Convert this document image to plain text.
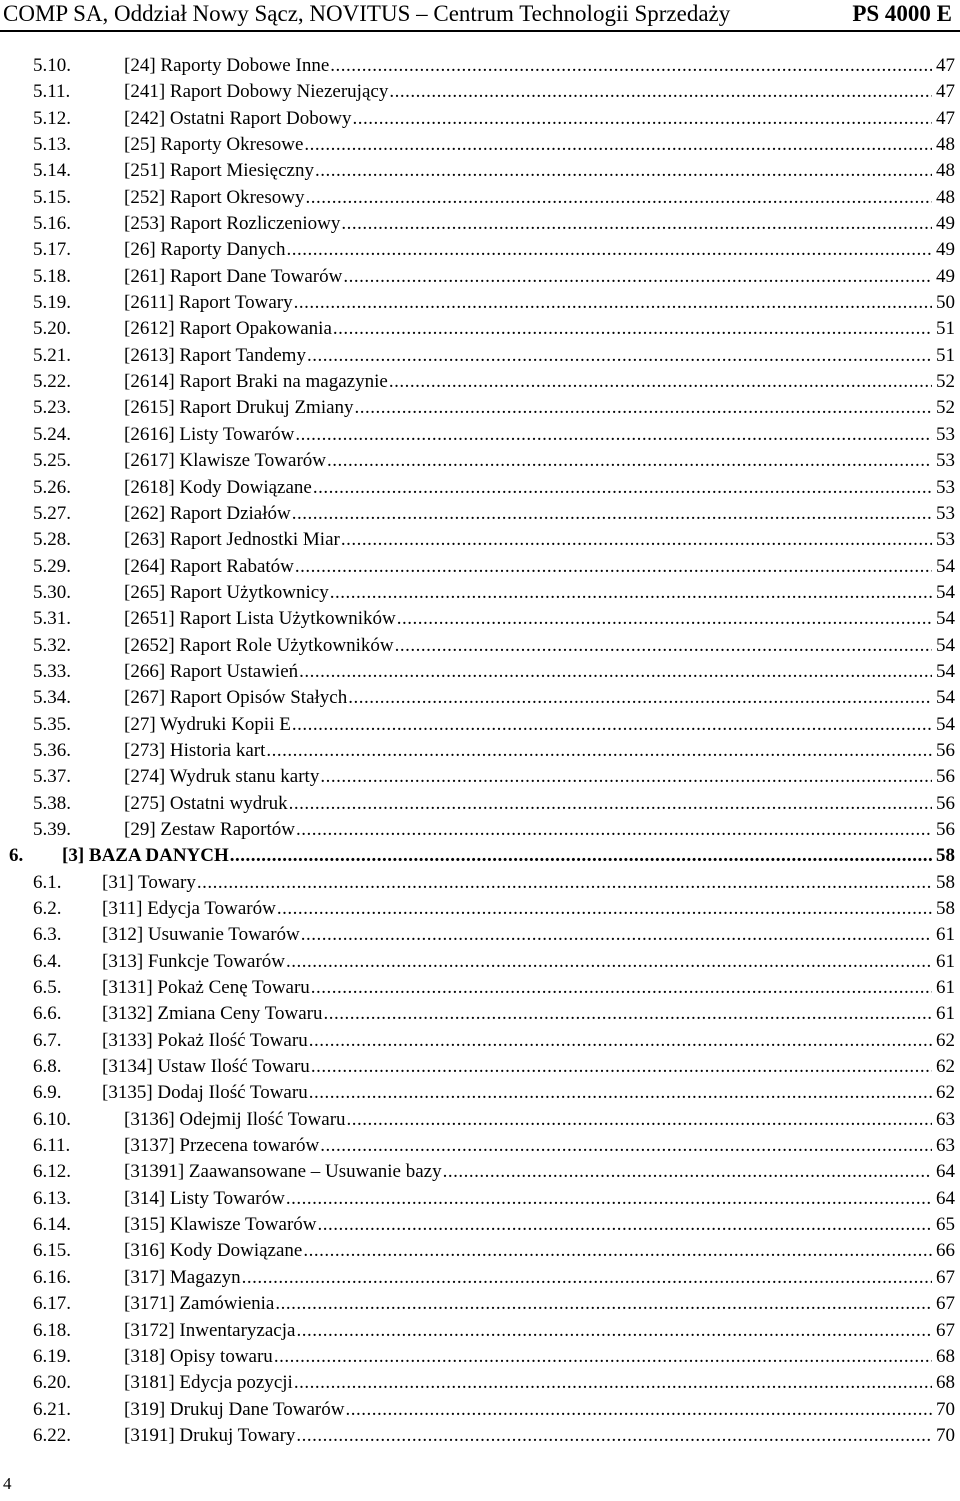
COMP SA, Oddział Nowy Sącz, NOVITUS – Centrum Technologii Sprzedaży	PS 4000 E
5.10.	[24] Raporty Dobowe Inne .....	47
5.11.	[241] Raport Dobowy Niezerujący .....	47
5.12.	[242] Ostatni Raport Dobowy .....	47
5.13.	[25] Raporty Okresowe .....	48
5.14.	[251] Raport Miesięczny .....	48
5.15.	[252] Raport Okresowy .....	48
5.16.	[253] Raport Rozliczeniowy .....	49
5.17.	[26] Raporty Danych .....	49
5.18.	[261] Raport Dane Towarów .....	49
5.19.	[2611] Raport Towary .....	50
5.20.	[2612] Raport Opakowania .....	51
5.21.	[2613] Raport Tandemy .....	51
5.22.	[2614] Raport Braki na magazynie .....	52
5.23.	[2615] Raport Drukuj Zmiany .....	52
5.24.	[2616] Listy Towarów .....	53
5.25.	[2617] Klawisze Towarów .....	53
5.26.	[2618] Kody Dowiązane .....	53
5.27.	[262] Raport Działów .....	53
5.28.	[263] Raport Jednostki Miar .....	53
5.29.	[264] Raport Rabatów .....	54
5.30.	[265] Raport Użytkownicy .....	54
5.31.	[2651] Raport Lista Użytkowników .....	54
5.32.	[2652] Raport Role Użytkowników .....	54
5.33.	[266] Raport Ustawień .....	54
5.34.	[267] Raport Opisów Stałych .....	54
5.35.	[27] Wydruki Kopii E .....	54
5.36.	[273] Historia kart .....	56
5.37.	[274] Wydruk stanu karty .....	56
5.38.	[275] Ostatni wydruk .....	56
5.39.	[29] Zestaw Raportów .....	56
6. [3] BAZA DANYCH .....	58
6.1. [31] Towary .....	58
6.2. [311] Edycja Towarów .....	58
6.3. [312] Usuwanie Towarów .....	61
6.4. [313] Funkcje Towarów .....	61
6.5. [3131] Pokaż Cenę Towaru .....	61
6.6. [3132] Zmiana Ceny Towaru .....	61
6.7. [3133] Pokaż Ilość Towaru .....	62
6.8. [3134] Ustaw Ilość Towaru .....	62
6.9. [3135] Dodaj Ilość Towaru .....	62
6.10.	[3136] Odejmij Ilość Towaru .....	63
6.11.	[3137] Przecena towarów .....	63
6.12.	[31391] Zaawansowane – Usuwanie bazy .....	64
6.13.	[314] Listy Towarów .....	64
6.14.	[315] Klawisze Towarów .....	65
6.15.	[316] Kody Dowiązane .....	66
6.16.	[317] Magazyn .....	67
6.17.	[3171] Zamówienia .....	67
6.18.	[3172] Inwentaryzacja .....	67
6.19.	[318] Opisy towaru .....	68
6.20.	[3181] Edycja pozycji .....	68
6.21.	[319] Drukuj Dane Towarów .....	70
6.22.	[3191] Drukuj Towary .....	70
4
